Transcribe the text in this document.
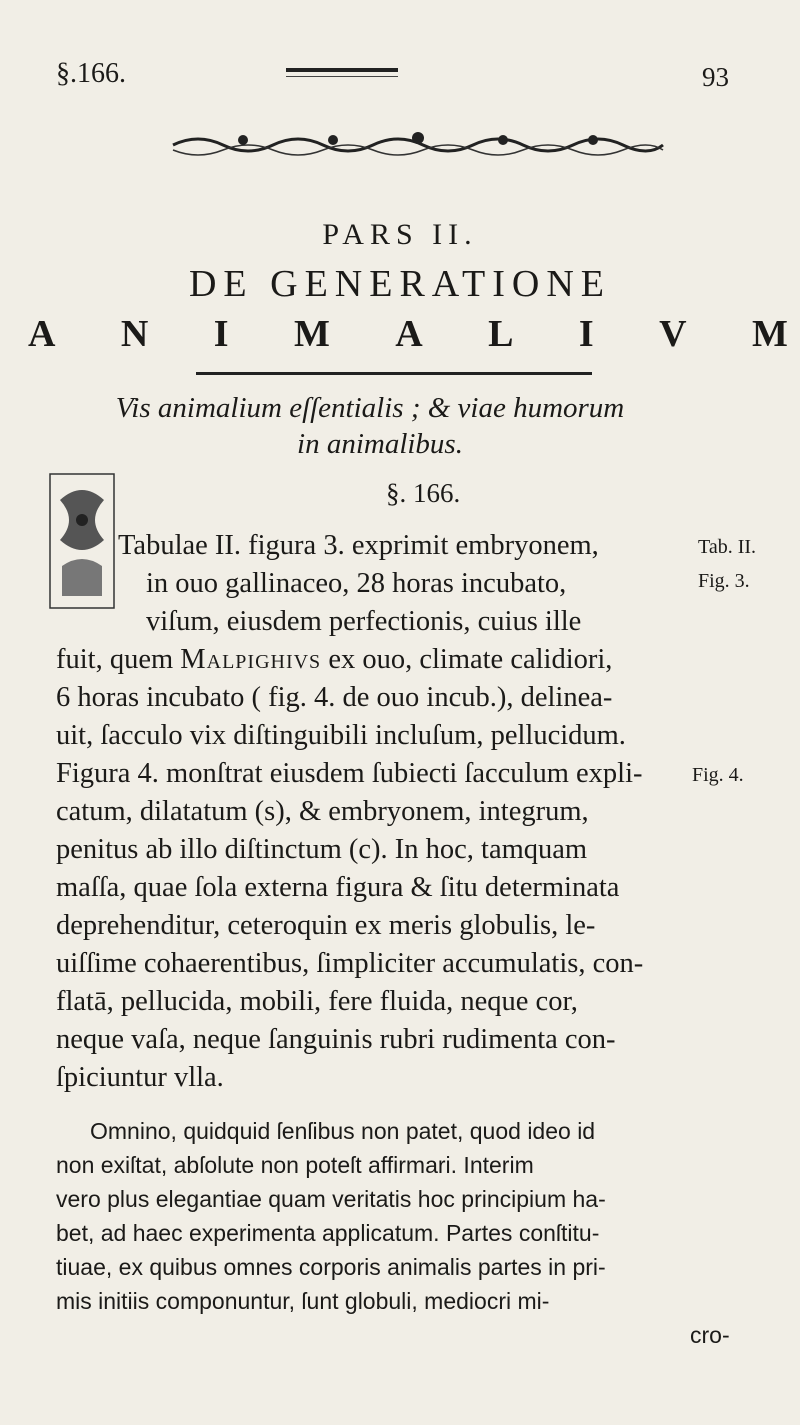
§.166.	93
PARS II.
DE GENERATIONE
A N I M A L I V M
Vis animalium eſſentialis ; & viae humorum
in animalibus.
§. 166.
Tabulae II. figura 3. exprimit embryonem,
in ouo gallinaceo, 28 horas incubato,
viſum, eiusdem perfectionis, cuius ille
fuit, quem Malpighivs ex ouo, climate calidiori,
6 horas incubato ( fig. 4. de ouo incub.), delinea-
uit, ſacculo vix diſtinguibili incluſum, pellucidum.
Figura 4. monſtrat eiusdem ſubiecti ſacculum expli-
catum, dilatatum (s), & embryonem, integrum,
penitus ab illo diſtinctum (c). In hoc, tamquam
maſſa, quae ſola externa figura & ſitu determinata
deprehenditur, ceteroquin ex meris globulis, le-
uiſſime cohaerentibus, ſimpliciter accumulatis, con-
flatā, pellucida, mobili, fere fluida, neque cor,
neque vaſa, neque ſanguinis rubri rudimenta con-
ſpiciuntur vlla.
Tab. II.
Fig. 3.
Fig. 4.
Omnino, quidquid ſenſibus non patet, quod ideo id
non exiſtat, abſolute non poteſt affirmari. Interim
vero plus elegantiae quam veritatis hoc principium ha-
bet, ad haec experimenta applicatum. Partes conſtitu-
tiuae, ex quibus omnes corporis animalis partes in pri-
mis initiis componuntur, ſunt globuli, mediocri mi-
cro-
